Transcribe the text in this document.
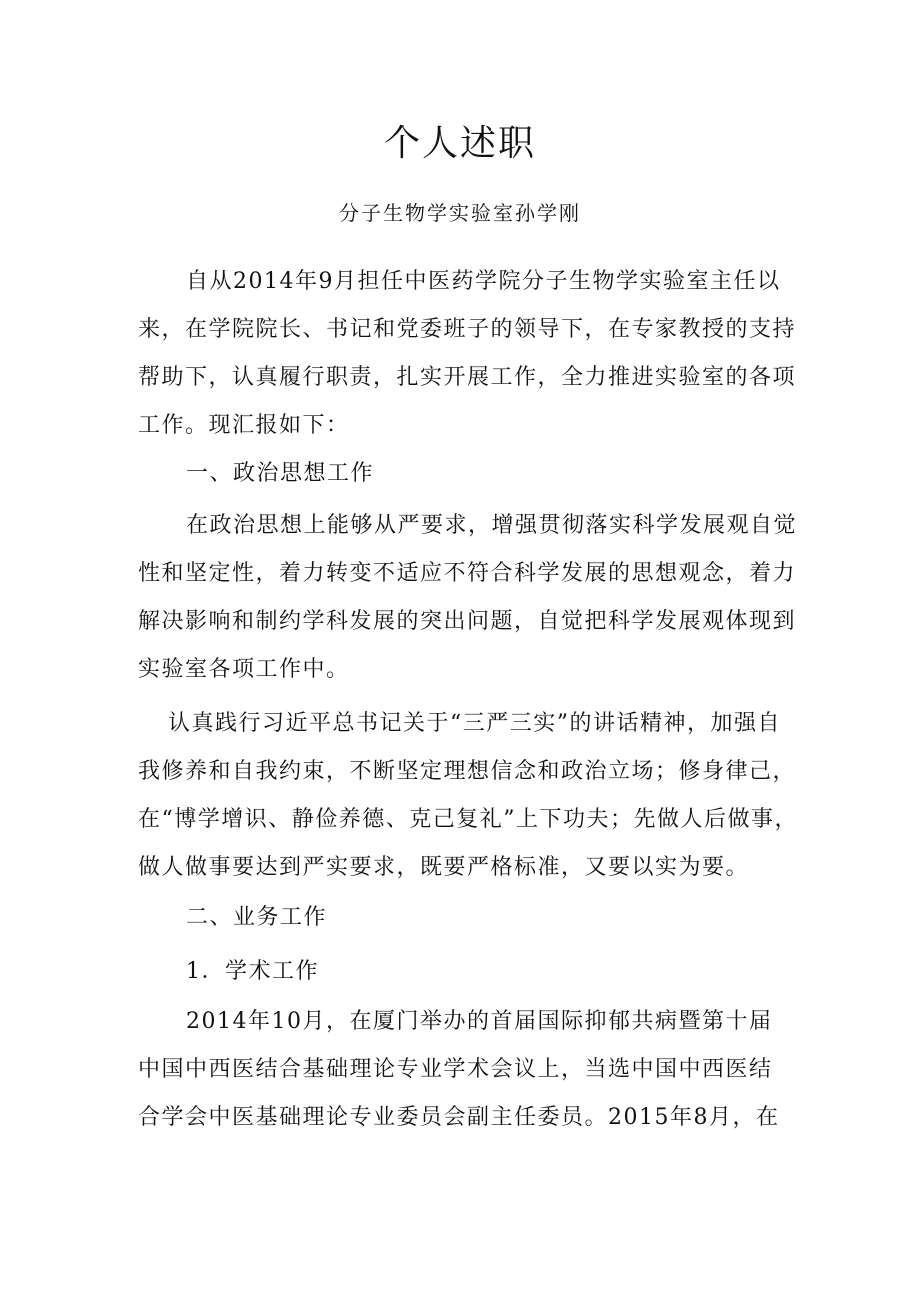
个人述职
分子生物学实验室孙学刚
自从2014年9月担任中医药学院分子生物学实验室主任以
来，在学院院长、书记和党委班子的领导下，在专家教授的支持
帮助下，认真履行职责，扎实开展工作，全力推进实验室的各项
工作。现汇报如下：
一、政治思想工作
在政治思想上能够从严要求，增强贯彻落实科学发展观自觉
性和坚定性，着力转变不适应不符合科学发展的思想观念，着力
解决影响和制约学科发展的突出问题，自觉把科学发展观体现到
实验室各项工作中。
认真践行习近平总书记关于“三严三实”的讲话精神，加强自
我修养和自我约束，不断坚定理想信念和政治立场；修身律己，
在“博学增识、静俭养德、克己复礼”上下功夫；先做人后做事，
做人做事要达到严实要求，既要严格标准，又要以实为要。
二、业务工作
1．学术工作
2014年10月，在厦门举办的首届国际抑郁共病暨第十届
中国中西医结合基础理论专业学术会议上，当选中国中西医结
合学会中医基础理论专业委员会副主任委员。2015年8月，在
